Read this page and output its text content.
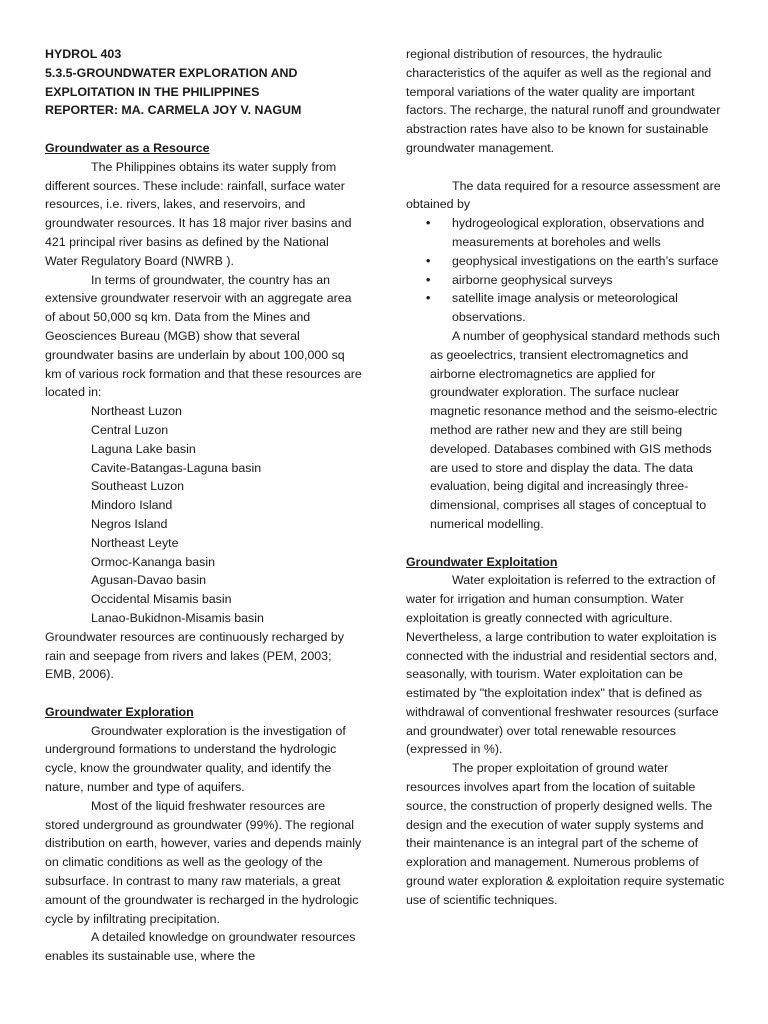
HYDROL 403
5.3.5-GROUNDWATER EXPLORATION AND
EXPLOITATION IN THE PHILIPPINES
REPORTER: MA. CARMELA JOY V. NAGUM
Groundwater as a Resource

The Philippines obtains its water supply from different sources. These include: rainfall, surface water resources, i.e. rivers, lakes, and reservoirs, and groundwater resources. It has 18 major river basins and 421 principal river basins as defined by the National Water Regulatory Board (NWRB ).

In terms of groundwater, the country has an extensive groundwater reservoir with an aggregate area of about 50,000 sq km. Data from the Mines and Geosciences Bureau (MGB) show that several groundwater basins are underlain by about 100,000 sq km of various rock formation and that these resources are located in:

Northeast Luzon
Central Luzon
Laguna Lake basin
Cavite-Batangas-Laguna basin
Southeast Luzon
Mindoro Island
Negros Island
Northeast Leyte
Ormoc-Kananga basin
Agusan-Davao basin
Occidental Misamis basin
Lanao-Bukidnon-Misamis basin

Groundwater resources are continuously recharged by rain and seepage from rivers and lakes (PEM, 2003; EMB, 2006).

Groundwater Exploration

Groundwater exploration is the investigation of underground formations to understand the hydrologic cycle, know the groundwater quality, and identify the nature, number and type of aquifers.

Most of the liquid freshwater resources are stored underground as groundwater (99%). The regional distribution on earth, however, varies and depends mainly on climatic conditions as well as the geology of the subsurface. In contrast to many raw materials, a great amount of the groundwater is recharged in the hydrologic cycle by infiltrating precipitation.

A detailed knowledge on groundwater resources enables its sustainable use, where the

regional distribution of resources, the hydraulic characteristics of the aquifer as well as the regional and temporal variations of the water quality are important factors. The recharge, the natural runoff and groundwater abstraction rates have also to be known for sustainable groundwater management.

The data required for a resource assessment are obtained by

• hydrogeological exploration, observations and measurements at boreholes and wells
• geophysical investigations on the earth’s surface
• airborne geophysical surveys
• satellite image analysis or meteorological observations.

A number of geophysical standard methods such as geoelectrics, transient electromagnetics and airborne electromagnetics are applied for groundwater exploration. The surface nuclear magnetic resonance method and the seismo-electric method are rather new and they are still being developed. Databases combined with GIS methods are used to store and display the data. The data evaluation, being digital and increasingly three-dimensional, comprises all stages of conceptual to numerical modelling.

Groundwater Exploitation

Water exploitation is referred to the extraction of water for irrigation and human consumption. Water exploitation is greatly connected with agriculture. Nevertheless, a large contribution to water exploitation is connected with the industrial and residential sectors and, seasonally, with tourism. Water exploitation can be estimated by "the exploitation index" that is defined as withdrawal of conventional freshwater resources (surface and groundwater) over total renewable resources (expressed in %).

The proper exploitation of ground water resources involves apart from the location of suitable source, the construction of properly designed wells. The design and the execution of water supply systems and their maintenance is an integral part of the scheme of exploration and management. Numerous problems of ground water exploration & exploitation require systematic use of scientific techniques.
